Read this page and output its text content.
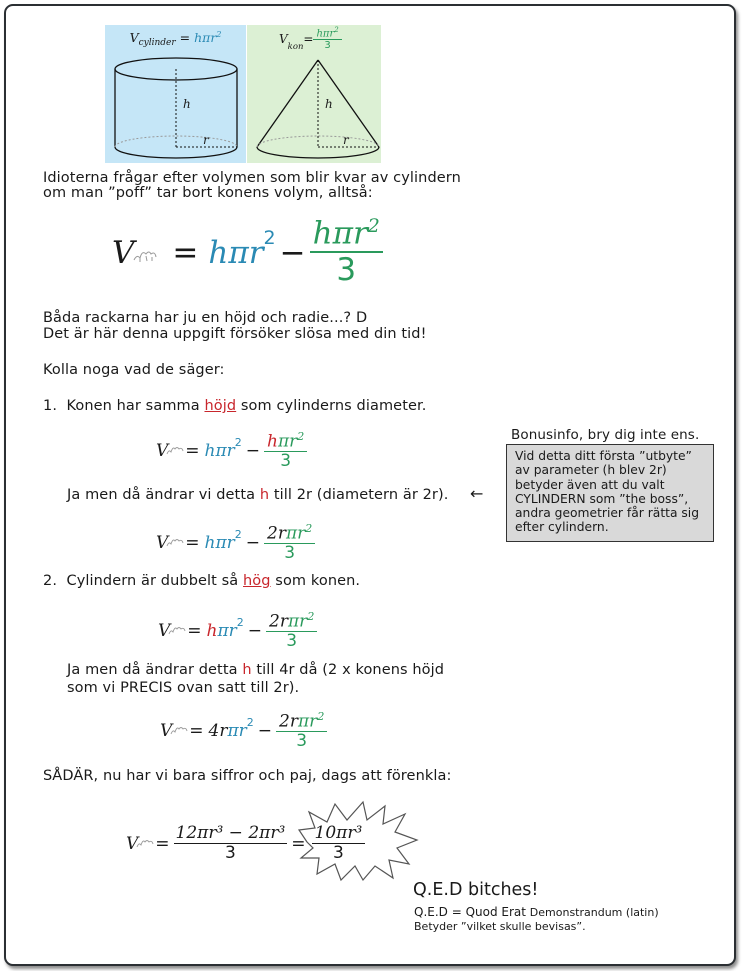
$V_{cylinder} = h\pi r^2$
h
r
V
kon
= $\frac{h\pi r^2}{3}$
h
r
Idioterna frågar efter volymen som blir kvar av cylindern
om man ”poff” tar bort konens volym, alltså:
$V = h\pi r^2 - \frac{h\pi r^2}{3}$
Båda rackarna har ju en höjd och radie...? D
Det är här denna uppgift försöker slösa med din tid!
Kolla noga vad de säger:
1. Konen har samma höjd som cylinderns diameter.
$V = h\pi r^2 - \frac{h\pi r^2}{3}$
Ja men då ändrar vi detta h till 2r (diametern är 2r).
$V = h\pi r^2 - \frac{2r\pi r^2}{3}$
←
Bonusinfo, bry dig inte ens.
Vid detta ditt första ”utbyte”
av parameter (h blev 2r)
betyder även att du valt
CYLINDERN som ”the boss”,
andra geometrier får rätta sig
efter cylindern.
2. Cylindern är dubbelt så hög som konen.
V = h $\pi r^2 - \frac{2r\pi r^2}{3}$
Ja men då ändrar detta h till 4r då (2 x konens höjd
som vi PRECIS ovan satt till 2r).
V = 4r $\pi r^2 - \frac{2r\pi r^2}{3}$
SÅDÄR, nu har vi bara siffror och paj, dags att förenkla:
$V = \frac{\text{12πr³ − 2πr³}}{3} = \frac{\text{10πr³}}{3}$
Q.E.D bitches!
Q.E.D = Quod Erat Demonstrandum (latin)
Betyder ”vilket skulle bevisas”.
